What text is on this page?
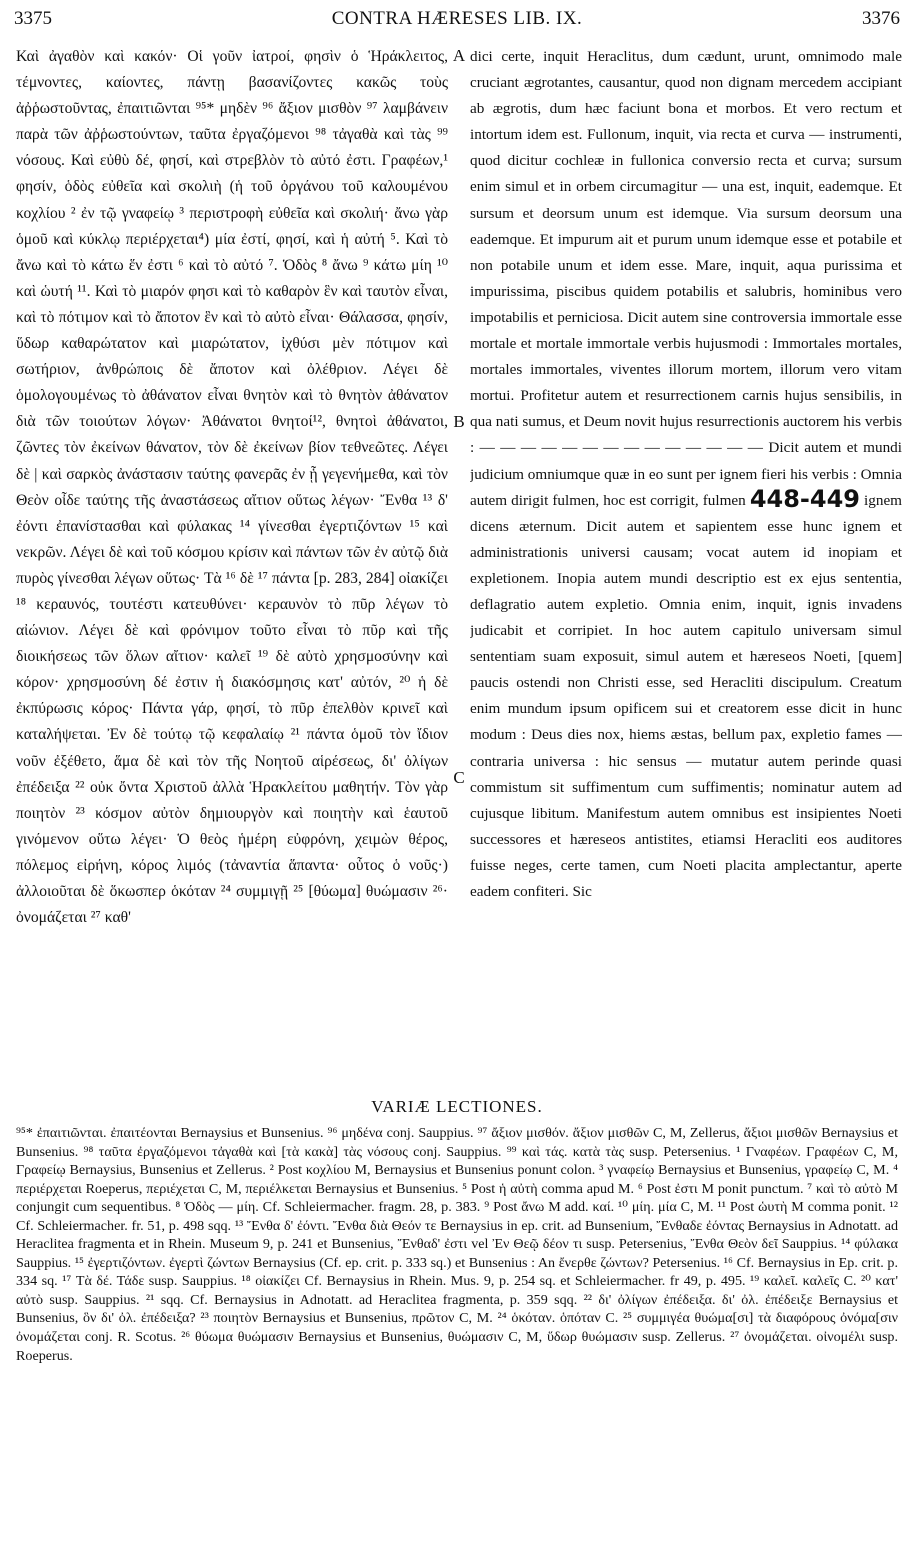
3375	CONTRA HÆRESES LIB. IX.	3376
Καὶ ἀγαθὸν καὶ κακόν· Οἱ γοῦν ἰατροί, φησὶν ὁ Ἡράκλειτος, τέμνοντες, καίοντες, πάντῃ βασανίζοντες κακῶς τοὺς ἀῤῥωστοῦντας, ἐπαιτιῶνται ⁹⁵* μηδὲν ⁹⁶ ἄξιον μισθὸν ⁹⁷ λαμβάνειν παρὰ τῶν ἀῤῥωστούντων, ταῦτα ἐργαζόμενοι ⁹⁸ τἀγαθὰ καὶ τὰς ⁹⁹ νόσους. Καὶ εὐθὺ δέ, φησί, καὶ στρεβλὸν τὸ αὐτό ἐστι. Γραφέων,¹ φησίν, ὁδὸς εὐθεῖα καὶ σκολιὴ (ἡ τοῦ ὀργάνου τοῦ καλουμένου κοχλίου ² ἐν τῷ γναφείῳ ³ περιστροφὴ εὐθεῖα καὶ σκολιή· ἄνω γὰρ ὁμοῦ καὶ κύκλῳ περιέρχεται⁴) μία ἐστί, φησί, καὶ ἡ αὐτή ⁵. Καὶ τὸ ἄνω καὶ τὸ κάτω ἕν ἐστι ⁶ καὶ τὸ αὐτό ⁷. Ὁδὸς ⁸ ἄνω ⁹ κάτω μίη ¹⁰ καὶ ὡυτή ¹¹. Καὶ τὸ μιαρόν φησι καὶ τὸ καθαρὸν ἓν καὶ ταυτὸν εἶναι, καὶ τὸ πότιμον καὶ τὸ ἄποτον ἓν καὶ τὸ αὐτὸ εἶναι· Θάλασσα, φησίν, ὕδωρ καθαρώτατον καὶ μιαρώτατον, ἰχθύσι μὲν πότιμον καὶ σωτήριον, ἀνθρώποις δὲ ἄποτον καὶ ὀλέθριον. Λέγει δὲ ὁμολογουμένως τὸ ἀθάνατον εἶναι θνητὸν καὶ τὸ θνητὸν ἀθάνατον διὰ τῶν τοιούτων λόγων· Ἀθάνατοι θνητοί¹², θνητοὶ ἀθάνατοι, ζῶντες τὸν ἐκείνων θάνατον, τὸν δὲ ἐκείνων βίον τεθνεῶτες. Λέγει δὲ | καὶ σαρκὸς ἀνάστασιν ταύτης φανερᾶς ἐν ᾗ γεγενήμεθα, καὶ τὸν Θεὸν οἶδε ταύτης τῆς ἀναστάσεως αἴτιον οὕτως λέγων· Ἔνθα ¹³ δ' ἐόντι ἐπανίστασθαι καὶ φύλακας ¹⁴ γίνεσθαι ἐγερτιζόντων ¹⁵ καὶ νεκρῶν. Λέγει δὲ καὶ τοῦ κόσμου κρίσιν καὶ πάντων τῶν ἐν αὐτῷ διὰ πυρὸς γίνεσθαι λέγων οὕτως· Τὰ ¹⁶ δὲ ¹⁷ πάντα [p. 283, 284] οἰακίζει ¹⁸ κεραυνός, τουτέστι κατευθύνει· κεραυνὸν τὸ πῦρ λέγων τὸ αἰώνιον. Λέγει δὲ καὶ φρόνιμον τοῦτο εἶναι τὸ πῦρ καὶ τῆς διοικήσεως τῶν ὅλων αἴτιον· καλεῖ ¹⁹ δὲ αὐτὸ χρησμοσύνην καὶ κόρον· χρησμοσύνη δέ ἐστιν ἡ διακόσμησις κατ' αὐτόν, ²⁰ ἡ δὲ ἐκπύρωσις κόρος· Πάντα γάρ, φησί, τὸ πῦρ ἐπελθὸν κρινεῖ καὶ καταλήψεται. Ἐν δὲ τούτῳ τῷ κεφαλαίῳ ²¹ πάντα ὁμοῦ τὸν ἴδιον νοῦν ἐξέθετο, ἅμα δὲ καὶ τὸν τῆς Νοητοῦ αἱρέσεως, δι' ὀλίγων ἐπέδειξα ²² οὐκ ὄντα Χριστοῦ ἀλλὰ Ἡρακλείτου μαθητήν. Τὸν γὰρ ποιητὸν ²³ κόσμον αὐτὸν δημιουργὸν καὶ ποιητὴν καὶ ἑαυτοῦ γινόμενον οὕτω λέγει· Ὁ θεὸς ἡμέρη εὐφρόνη, χειμὼν θέρος, πόλεμος εἰρήνη, κόρος λιμός (τἀναντία ἅπαντα· οὗτος ὁ νοῦς·) ἀλλοιοῦται δὲ ὅκωσπερ ὁκόταν ²⁴ συμμιγῇ ²⁵ [θύωμα] θυώμασιν ²⁶· ὀνομάζεται ²⁷ καθ'
A
B
C
dici certe, inquit Heraclitus, dum cædunt, urunt, omnimodo male cruciant ægrotantes, causantur, quod non dignam mercedem accipiant ab ægrotis, dum hæc faciunt bona et morbos. Et vero rectum et intortum idem est. Fullonum, inquit, via recta et curva — instrumenti, quod dicitur cochleæ in fullonica conversio recta et curva; sursum enim simul et in orbem circumagitur — una est, inquit, eademque. Et sursum et deorsum unum est idemque. Via sursum deorsum una eademque. Et impurum ait et purum unum idemque esse et potabile et non potabile unum et idem esse. Mare, inquit, aqua purissima et impurissima, piscibus quidem potabilis et salubris, hominibus vero impotabilis et perniciosa. Dicit autem sine controversia immortale esse mortale et mortale immortale verbis hujusmodi : Immortales mortales, mortales immortales, viventes illorum mortem, illorum vero vitam mortui. Profitetur autem et resurrectionem carnis hujus sensibilis, in qua nati sumus, et Deum novit hujus resurrectionis auctorem his verbis : — — — — — — — — — — — — — — Dicit autem et mundi judicium omniumque quæ in eo sunt per ignem fieri his verbis : Omnia autem dirigit fulmen, hoc est corrigit, fulmen 448-449 ignem dicens æternum. Dicit autem et sapientem esse hunc ignem et administrationis universi causam; vocat autem id inopiam et expletionem. Inopia autem mundi descriptio est ex ejus sententia, deflagratio autem expletio. Omnia enim, inquit, ignis invadens judicabit et corripiet. In hoc autem capitulo universam simul sententiam suam exposuit, simul autem et hæreseos Noeti, [quem] paucis ostendi non Christi esse, sed Heracliti discipulum. Creatum enim mundum ipsum opificem sui et creatorem esse dicit in hunc modum : Deus dies nox, hiems æstas, bellum pax, expletio fames — contraria universa : hic sensus — mutatur autem perinde quasi commistum sit suffimentum cum suffimentis; nominatur autem ad cujusque libitum. Manifestum autem omnibus est insipientes Noeti successores et hæreseos antistites, etiamsi Heracliti eos auditores fuisse neges, certe tamen, cum Noeti placita amplectantur, aperte eadem confiteri. Sic
VARIÆ LECTIONES.
⁹⁵* ἐπαιτιῶνται. ἐπαιτέονται Bernaysius et Bunsenius. ⁹⁶ μηδένα conj. Sauppius. ⁹⁷ ἄξιον μισθόν. ἄξιον μισθῶν C, M, Zellerus, ἄξιοι μισθῶν Bernaysius et Bunsenius. ⁹⁸ ταῦτα ἐργαζόμενοι τἀγαθὰ καὶ [τὰ κακὰ] τὰς νόσους conj. Sauppius. ⁹⁹ καὶ τάς. κατὰ τὰς susp. Petersenius. ¹ Γναφέων. Γραφέων C, M, Γραφείῳ Bernaysius, Bunsenius et Zellerus. ² Post κοχλίου M, Bernaysius et Bunsenius ponunt colon. ³ γναφείῳ Bernaysius et Bunsenius, γραφείῳ C, M. ⁴ περιέρχεται Roeperus, περιέχεται C, M, περιέλκεται Bernaysius et Bunsenius. ⁵ Post ἡ αὐτὴ comma apud M. ⁶ Post ἐστι M ponit punctum. ⁷ καὶ τὸ αὐτὸ M conjungit cum sequentibus. ⁸ Ὁδὸς — μίη. Cf. Schleiermacher. fragm. 28, p. 383. ⁹ Post ἄνω M add. καί. ¹⁰ μίη. μία C, M. ¹¹ Post ὡυτὴ M comma ponit. ¹² Cf. Schleiermacher. fr. 51, p. 498 sqq. ¹³ Ἔνθα δ' ἐόντι. Ἔνθα διὰ Θεόν τε Bernaysius in ep. crit. ad Bunsenium, Ἔνθαδε ἐόντας Bernaysius in Adnotatt. ad Heraclitea fragmenta et in Rhein. Museum 9, p. 241 et Bunsenius, Ἔνθαδ' ἐστι vel Ἐν Θεῷ δέον τι susp. Petersenius, Ἔνθα Θεὸν δεῖ Sauppius. ¹⁴ φύλακα Sauppius. ¹⁵ ἐγερτιζόντων. ἐγερτὶ ζώντων Bernaysius (Cf. ep. crit. p. 333 sq.) et Bunsenius : An ἔνερθε ζώντων? Petersenius. ¹⁶ Cf. Bernaysius in Ep. crit. p. 334 sq. ¹⁷ Τὰ δέ. Τάδε susp. Sauppius. ¹⁸ οἰακίζει Cf. Bernaysius in Rhein. Mus. 9, p. 254 sq. et Schleiermacher. fr 49, p. 495. ¹⁹ καλεῖ. καλεῖς C. ²⁰ κατ' αὐτὸ susp. Sauppius. ²¹ sqq. Cf. Bernaysius in Adnotatt. ad Heraclitea fragmenta, p. 359 sqq. ²² δι' ὀλίγων ἐπέδειξα. δι' ὀλ. ἐπέδειξε Bernaysius et Bunsenius, ὃν δι' ὀλ. ἐπέδειξα? ²³ ποιητὸν Bernaysius et Bunsenius, πρῶτον C, M. ²⁴ ὁκόταν. ὁπόταν C. ²⁵ συμμιγέα θυώμα[σι] τὰ διαφόρους ὀνόμα[σιν ὀνομάζεται conj. R. Scotus. ²⁶ θύωμα θυώμασιν Bernaysius et Bunsenius, θυώμασιν C, M, ὕδωρ θυώμασιν susp. Zellerus. ²⁷ ὀνομάζεται. οἰνομέλι susp. Roeperus.
